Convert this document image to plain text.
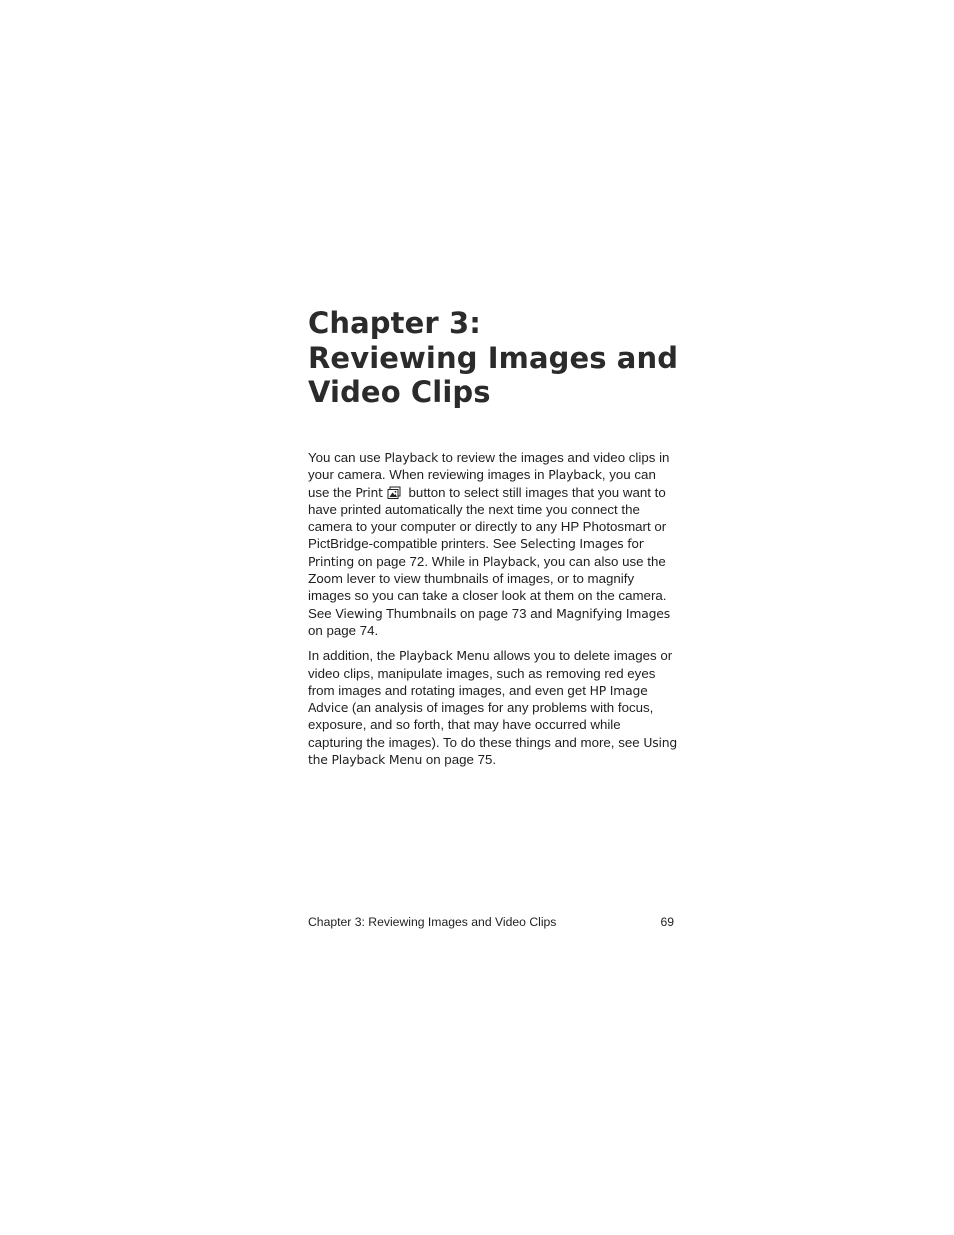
Chapter 3:
Reviewing Images and
Video Clips

You can use Playback to review the images and video clips in
your camera. When reviewing images in Playback, you can
use the Print button to select still images that you want to
have printed automatically the next time you connect the
camera to your computer or directly to any HP Photosmart or
PictBridge-compatible printers. See Selecting Images for
Printing on page 72. While in Playback, you can also use the
Zoom lever to view thumbnails of images, or to magnify
images so you can take a closer look at them on the camera.
See Viewing Thumbnails on page 73 and Magnifying Images
on page 74.

In addition, the Playback Menu allows you to delete images or
video clips, manipulate images, such as removing red eyes
from images and rotating images, and even get HP Image
Advice (an analysis of images for any problems with focus,
exposure, and so forth, that may have occurred while
capturing the images). To do these things and more, see Using
the Playback Menu on page 75.

Chapter 3: Reviewing Images and Video Clips	69
